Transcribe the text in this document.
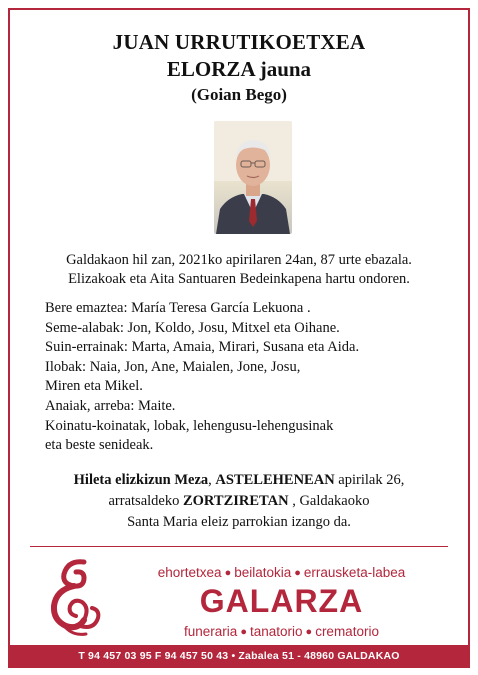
JUAN URRUTIKOETXEA
ELORZA jauna
(Goian Bego)
Galdakaon hil zan, 2021ko apirilaren 24an, 87 urte ebazala.
Elizakoak eta Aita Santuaren Bedeinkapena hartu ondoren.
Bere emaztea: María Teresa García Lekuona .
Seme-alabak: Jon, Koldo, Josu, Mitxel eta Oihane.
Suin-errainak: Marta, Amaia, Mirari, Susana eta Aida.
Ilobak: Naia, Jon, Ane, Maialen, Jone, Josu,
Miren eta Mikel.
Anaiak, arreba: Maite.
Koinatu-koinatak, lobak, lehengusu-lehengusinak
eta beste senideak.
Hileta elizkizun Meza, ASTELEHENEAN apirilak 26,
arratsaldeko ZORTZIRETAN , Galdakaoko
Santa Maria eleiz parrokian izango da.
ehortetxea ● beilatokia ● errausketa-labea
GALARZA
funeraria ● tanatorio ● crematorio
T 94 457 03 95 F 94 457 50 43 • Zabalea 51 - 48960 GALDAKAO
